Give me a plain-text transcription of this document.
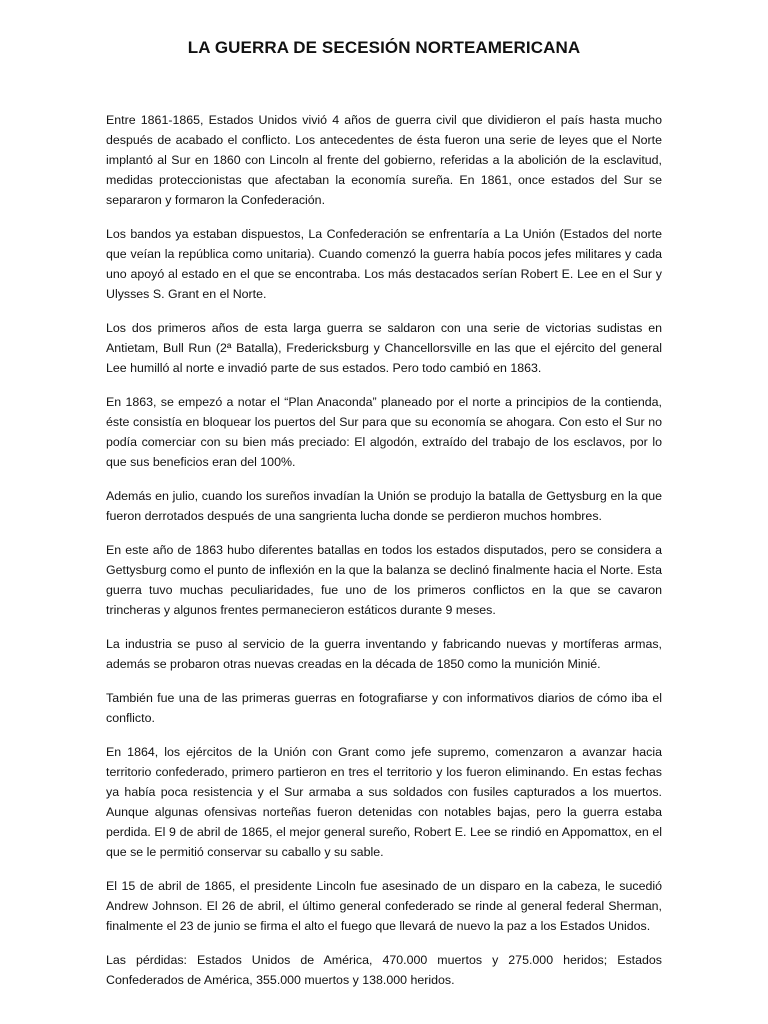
LA GUERRA DE SECESIÓN NORTEAMERICANA

Entre 1861-1865, Estados Unidos vivió 4 años de guerra civil que dividieron el país hasta mucho después de acabado el conflicto. Los antecedentes de ésta fueron una serie de leyes que el Norte implantó al Sur en 1860 con Lincoln al frente del gobierno, referidas a la abolición de la esclavitud, medidas proteccionistas que afectaban la economía sureña. En 1861, once estados del Sur se separaron y formaron la Confederación.

Los bandos ya estaban dispuestos, La Confederación se enfrentaría a La Unión (Estados del norte que veían la república como unitaria). Cuando comenzó la guerra había pocos jefes militares y cada uno apoyó al estado en el que se encontraba. Los más destacados serían Robert E. Lee en el Sur y Ulysses S. Grant en el Norte.

Los dos primeros años de esta larga guerra se saldaron con una serie de victorias sudistas en Antietam, Bull Run (2ª Batalla), Fredericksburg y Chancellorsville en las que el ejército del general Lee humilló al norte e invadió parte de sus estados. Pero todo cambió en 1863.

En 1863, se empezó a notar el “Plan Anaconda” planeado por el norte a principios de la contienda, éste consistía en bloquear los puertos del Sur para que su economía se ahogara. Con esto el Sur no podía comerciar con su bien más preciado: El algodón, extraído del trabajo de los esclavos, por lo que sus beneficios eran del 100%.

Además en julio, cuando los sureños invadían la Unión se produjo la batalla de Gettysburg en la que fueron derrotados después de una sangrienta lucha donde se perdieron muchos hombres.

En este año de 1863 hubo diferentes batallas en todos los estados disputados, pero se considera a Gettysburg como el punto de inflexión en la que la balanza se declinó finalmente hacia el Norte. Esta guerra tuvo muchas peculiaridades, fue uno de los primeros conflictos en la que se cavaron trincheras y algunos frentes permanecieron estáticos durante 9 meses.

La industria se puso al servicio de la guerra inventando y fabricando nuevas y mortíferas armas, además se probaron otras nuevas creadas en la década de 1850 como la munición Minié.

También fue una de las primeras guerras en fotografiarse y con informativos diarios de cómo iba el conflicto.

En 1864, los ejércitos de la Unión con Grant como jefe supremo, comenzaron a avanzar hacia territorio confederado, primero partieron en tres el territorio y los fueron eliminando. En estas fechas ya había poca resistencia y el Sur armaba a sus soldados con fusiles capturados a los muertos. Aunque algunas ofensivas norteñas fueron detenidas con notables bajas, pero la guerra estaba perdida. El 9 de abril de 1865, el mejor general sureño, Robert E. Lee se rindió en Appomattox, en el que se le permitió conservar su caballo y su sable.

El 15 de abril de 1865, el presidente Lincoln fue asesinado de un disparo en la cabeza, le sucedió Andrew Johnson. El 26 de abril, el último general confederado se rinde al general federal Sherman, finalmente el 23 de junio se firma el alto el fuego que llevará de nuevo la paz a los Estados Unidos.

Las pérdidas: Estados Unidos de América, 470.000 muertos y 275.000 heridos; Estados Confederados de América, 355.000 muertos y 138.000 heridos.
